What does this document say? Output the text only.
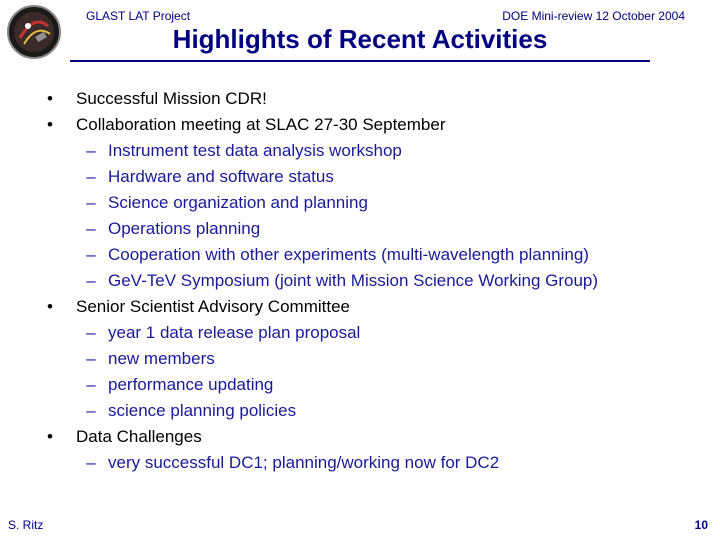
GLAST LAT Project	DOE Mini-review 12 October 2004
Highlights of Recent Activities
• Successful Mission CDR!
• Collaboration meeting at SLAC 27-30 September
– Instrument test data analysis workshop
– Hardware and software status
– Science organization and planning
– Operations planning
– Cooperation with other experiments (multi-wavelength planning)
– GeV-TeV Symposium (joint with Mission Science Working Group)
• Senior Scientist Advisory Committee
– year 1 data release plan proposal
– new members
– performance updating
– science planning policies
• Data Challenges
– very successful DC1; planning/working now for DC2
S. Ritz	10
